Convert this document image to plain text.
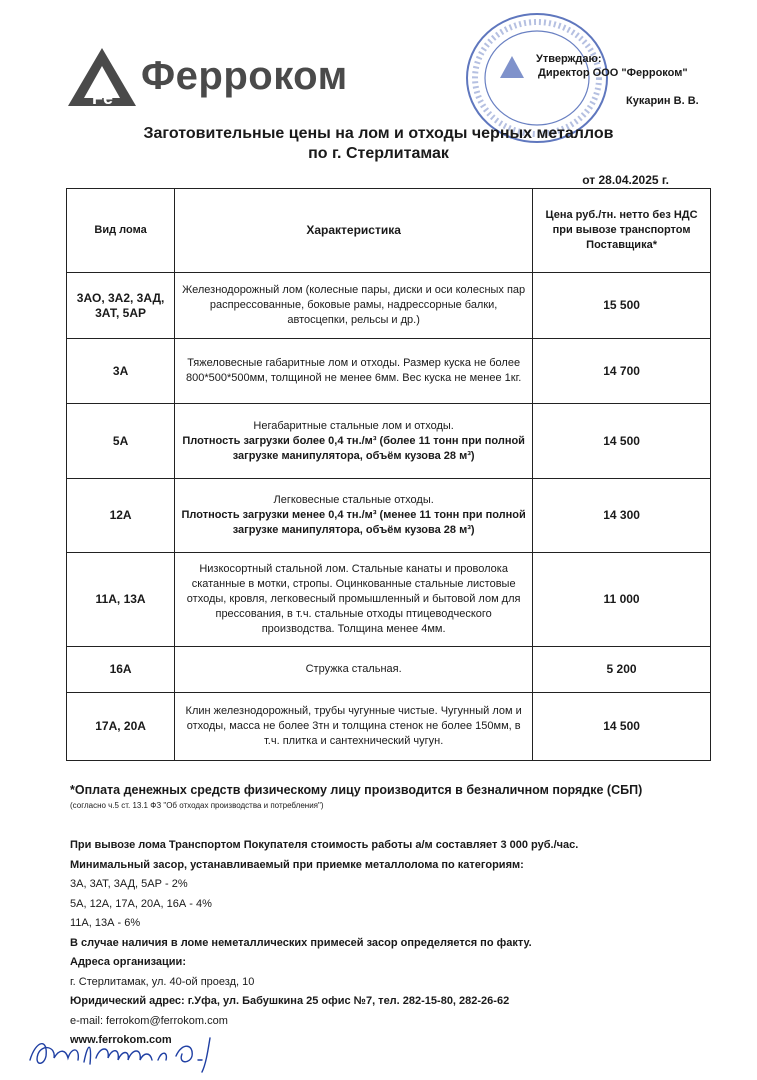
Fe Ферроком	Утверждаю:
Директор ООО "Ферроком"
Кукарин В. В.
Заготовительные цены на лом и отходы черных металлов
по г. Стерлитамак
от 28.04.2025 г.
Вид лома	Характеристика	Цена руб./тн. нетто без НДС
при вывозе транспортом
Поставщика*

3АО, 3А2, 3АД, 3АТ, 5АР	Железнодорожный лом (колесные пары, диски и оси колесных пар распрессованные, боковые рамы, надрессорные балки, автосцепки, рельсы и др.)	15 500
3А	Тяжеловесные габаритные лом и отходы. Размер куска не более 800*500*500мм, толщиной не менее 6мм. Вес куска не менее 1кг.	14 700
5А	Негабаритные стальные лом и отходы.
Плотность загрузки более 0,4 тн./м³ (более 11 тонн при полной загрузке манипулятора, объём кузова 28 м³)	14 500
12А	Легковесные стальные отходы.
Плотность загрузки менее 0,4 тн./м³ (менее 11 тонн при полной загрузке манипулятора, объём кузова 28 м³)	14 300
11А, 13А	Низкосортный стальной лом. Стальные канаты и проволока скатанные в мотки, стропы. Оцинкованные стальные листовые отходы, кровля, легковесный промышленный и бытовой лом для прессования, в т.ч. стальные отходы птицеводческого производства. Толщина менее 4мм.	11 000
16А	Стружка стальная.	5 200
17А, 20А	Клин железнодорожный, трубы чугунные чистые. Чугунный лом и отходы, масса не более 3тн и толщина стенок не более 150мм, в т.ч. плитка и сантехнический чугун.	14 500
*Оплата денежных средств физическому лицу производится в безналичном порядке (СБП)
(согласно ч.5 ст. 13.1 ФЗ "Об отходах производства и потребления")
При вывозе лома Транспортом Покупателя стоимость работы а/м составляет 3 000 руб./час.
Минимальный засор, устанавливаемый при приемке металлолома по категориям:
3А, 3АТ, 3АД, 5АР - 2%
5А, 12А, 17А, 20А, 16А - 4%
11А, 13А - 6%
В случае наличия в ломе неметаллических примесей засор определяется по факту.
Адреса организации:
г. Стерлитамак, ул. 40-ой проезд, 10
Юридический адрес: г.Уфа, ул. Бабушкина 25 офис №7, тел. 282-15-80, 282-26-62
e-mail: ferrokom@ferrokom.com
www.ferrokom.com
